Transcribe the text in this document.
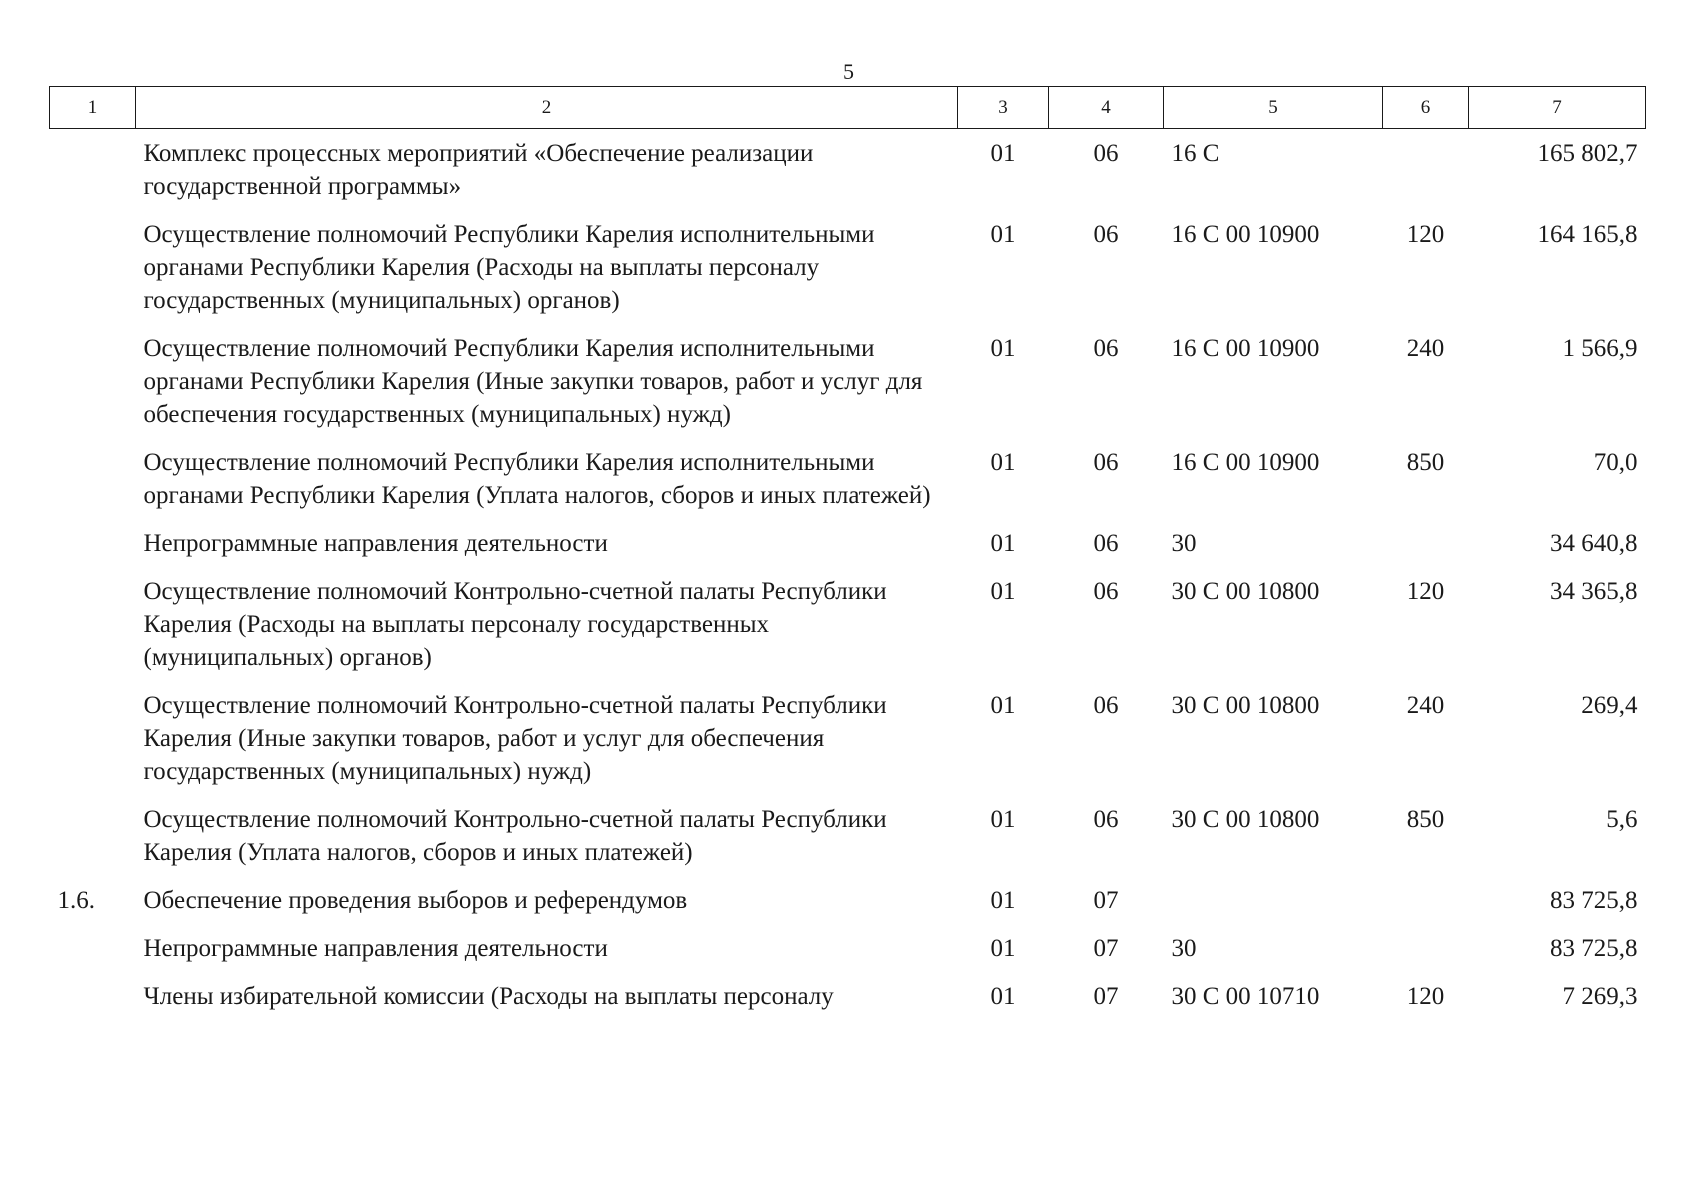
5
1	2	3	4	5	6	7
	Комплекс процессных мероприятий «Обеспечение реализации государственной программы»	01	06	16 С		165 802,7
	Осуществление полномочий Республики Карелия исполнительными органами Республики Карелия (Расходы на выплаты персоналу государственных (муниципальных) органов)	01	06	16 С 00 10900	120	164 165,8
	Осуществление полномочий Республики Карелия исполнительными органами Республики Карелия (Иные закупки товаров, работ и услуг для обеспечения государственных (муниципальных) нужд)	01	06	16 С 00 10900	240	1 566,9
	Осуществление полномочий Республики Карелия исполнительными органами Республики Карелия (Уплата налогов, сборов и иных платежей)	01	06	16 С 00 10900	850	70,0
	Непрограммные направления деятельности	01	06	30		34 640,8
	Осуществление полномочий Контрольно-счетной палаты Республики Карелия (Расходы на выплаты персоналу государственных (муниципальных) органов)	01	06	30 С 00 10800	120	34 365,8
	Осуществление полномочий Контрольно-счетной палаты Республики Карелия (Иные закупки товаров, работ и услуг для обеспечения государственных (муниципальных) нужд)	01	06	30 С 00 10800	240	269,4
	Осуществление полномочий Контрольно-счетной палаты Республики Карелия (Уплата налогов, сборов и иных платежей)	01	06	30 С 00 10800	850	5,6
1.6.	Обеспечение проведения выборов и референдумов	01	07			83 725,8
	Непрограммные направления деятельности	01	07	30		83 725,8
	Члены избирательной комиссии (Расходы на выплаты персоналу	01	07	30 С 00 10710	120	7 269,3
